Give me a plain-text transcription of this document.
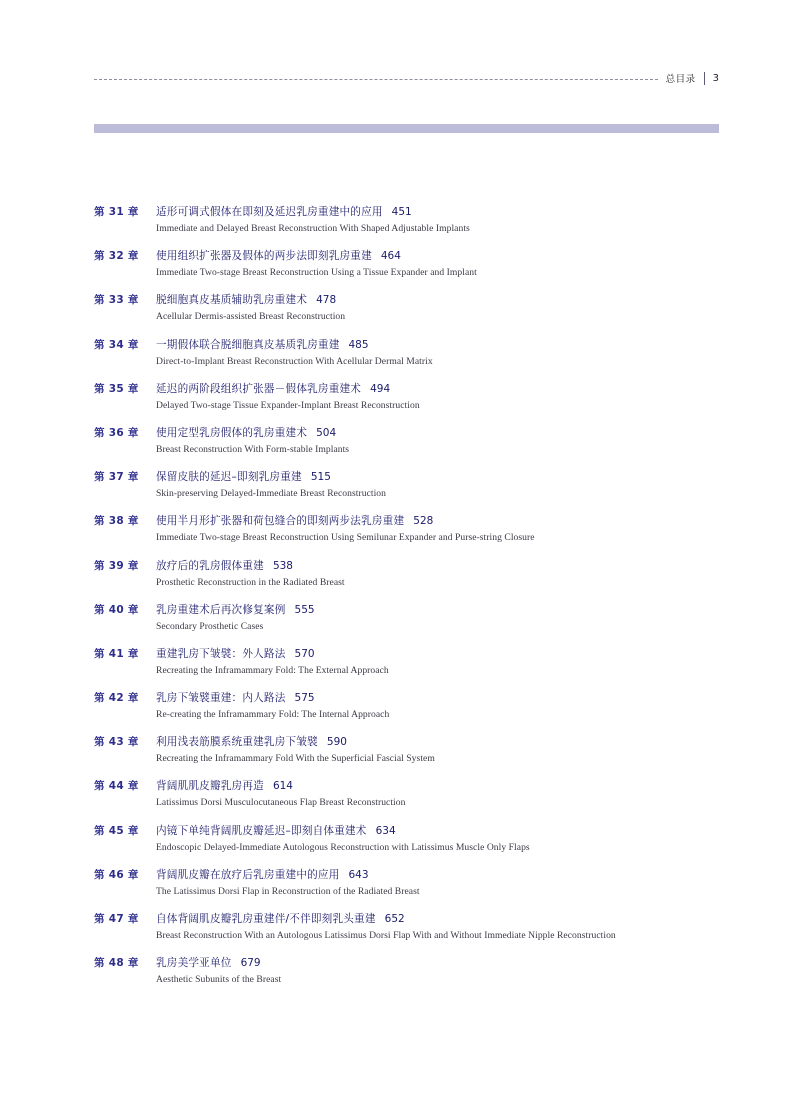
总目录 3
第 31 章	适形可调式假体在即刻及延迟乳房重建中的应用 451
Immediate and Delayed Breast Reconstruction With Shaped Adjustable Implants
第 32 章	使用组织扩张器及假体的两步法即刻乳房重建 464
Immediate Two-stage Breast Reconstruction Using a Tissue Expander and Implant
第 33 章	脱细胞真皮基质辅助乳房重建术 478
Acellular Dermis-assisted Breast Reconstruction
第 34 章	一期假体联合脱细胞真皮基质乳房重建 485
Direct-to-Implant Breast Reconstruction With Acellular Dermal Matrix
第 35 章	延迟的两阶段组织扩张器－假体乳房重建术 494
Delayed Two-stage Tissue Expander‐Implant Breast Reconstruction
第 36 章	使用定型乳房假体的乳房重建术 504
Breast Reconstruction With Form-stable Implants
第 37 章	保留皮肤的延迟–即刻乳房重建 515
Skin-preserving Delayed-Immediate Breast Reconstruction
第 38 章	使用半月形扩张器和荷包缝合的即刻两步法乳房重建 528
Immediate Two-stage Breast Reconstruction Using Semilunar Expander and Purse-string Closure
第 39 章	放疗后的乳房假体重建 538
Prosthetic Reconstruction in the Radiated Breast
第 40 章	乳房重建术后再次修复案例 555
Secondary Prosthetic Cases
第 41 章	重建乳房下皱襞：外人路法 570
Recreating the Inframammary Fold: The External Approach
第 42 章	乳房下皱襞重建：内人路法 575
Re-creating the Inframammary Fold: The Internal Approach
第 43 章	利用浅表筋膜系统重建乳房下皱襞 590
Recreating the Inframammary Fold With the Superficial Fascial System
第 44 章	背阔肌肌皮瓣乳房再造 614
Latissimus Dorsi Musculocutaneous Flap Breast Reconstruction
第 45 章	内镜下单纯背阔肌皮瓣延迟–即刻自体重建术 634
Endoscopic Delayed-Immediate Autologous Reconstruction with Latissimus Muscle Only Flaps
第 46 章	背阔肌皮瓣在放疗后乳房重建中的应用 643
The Latissimus Dorsi Flap in Reconstruction of the Radiated Breast
第 47 章	自体背阔肌皮瓣乳房重建伴/不伴即刻乳头重建 652
Breast Reconstruction With an Autologous Latissimus Dorsi Flap With and Without Immediate Nipple Reconstruction
第 48 章	乳房美学亚单位 679
Aesthetic Subunits of the Breast
